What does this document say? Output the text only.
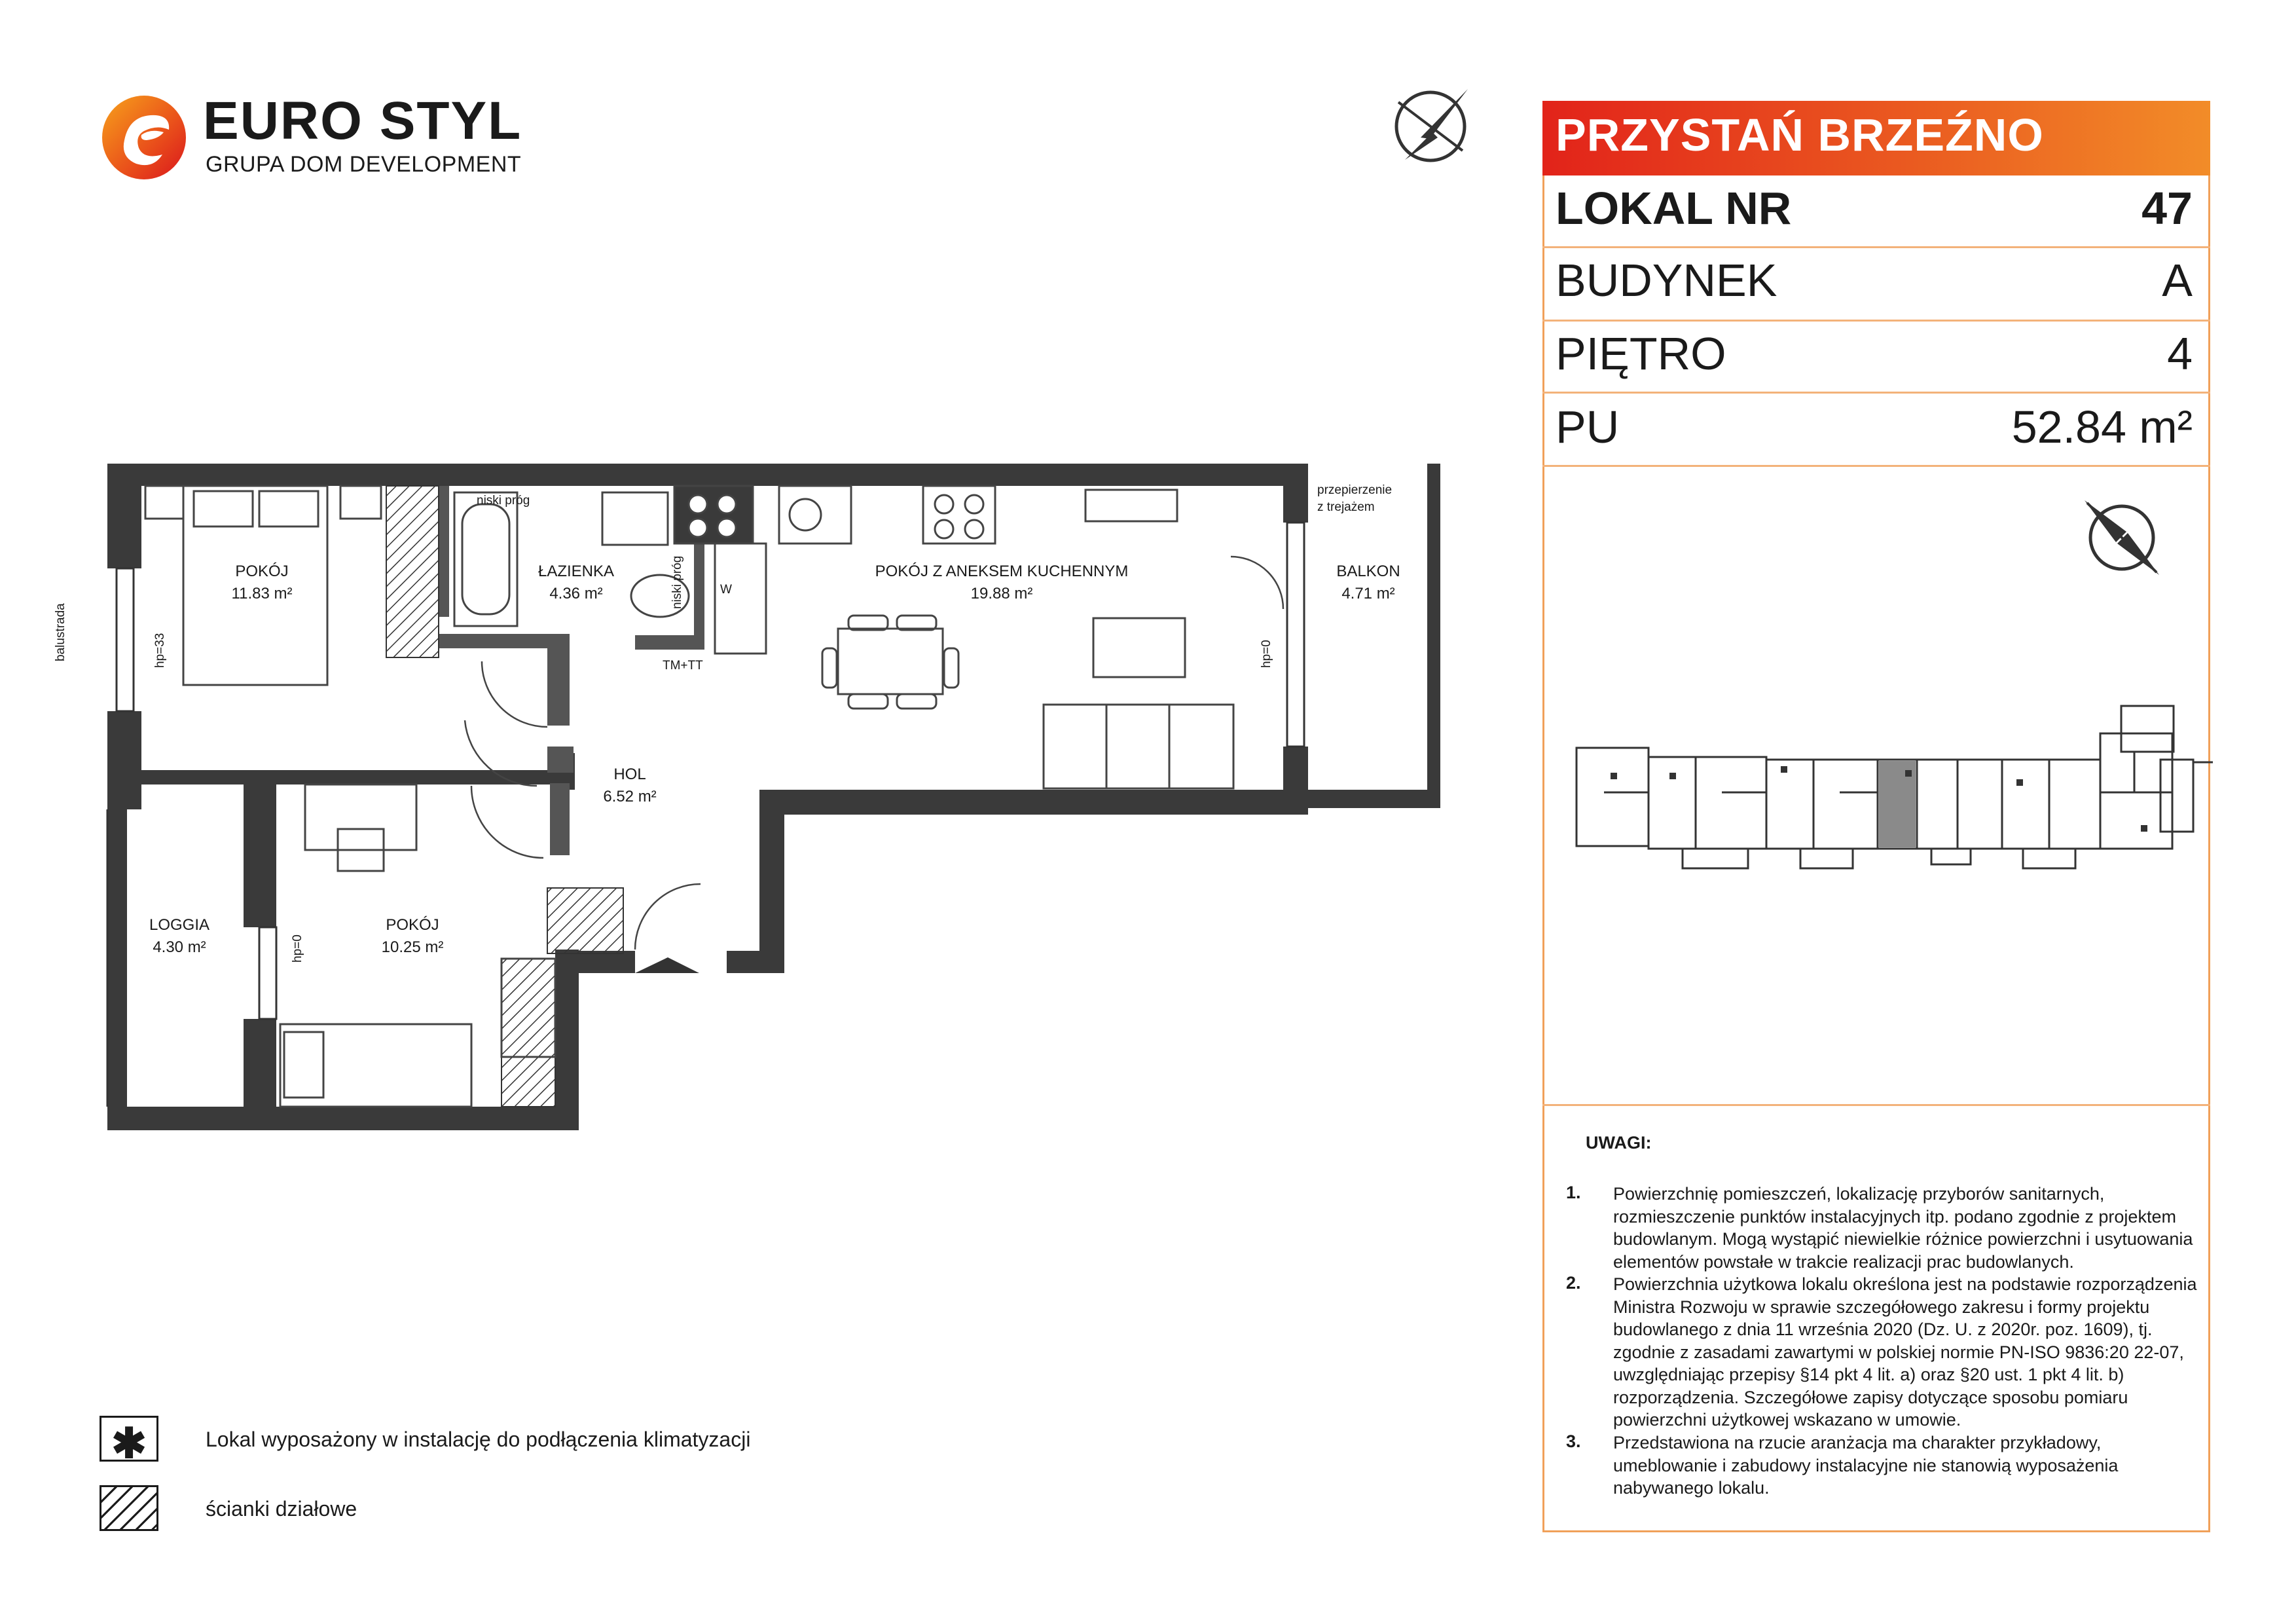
EURO STYL
GRUPA DOM DEVELOPMENT
PRZYSTAŃ BRZEŹNO
LOKAL NR	47
BUDYNEK	A
PIĘTRO	4
PU	52.84 m²
UWAGI:
1. Powierzchnię pomieszczeń, lokalizację przyborów sanitarnych, rozmieszczenie punktów instalacyjnych itp. podano zgodnie z projektem budowlanym. Mogą wystąpić niewielkie różnice powierzchni i usytuowania elementów powstałe w trakcie realizacji prac budowlanych.
2. Powierzchnia użytkowa lokalu określona jest na podstawie rozporządzenia Ministra Rozwoju w sprawie szczegółowego zakresu i formy projektu budowlanego z dnia 11 września 2020 (Dz. U. z 2020r. poz. 1609), tj. zgodnie z zasadami zawartymi w polskiej normie PN-ISO 9836:20 22-07, uwzględniając przepisy §14 pkt 4 lit. a) oraz §20 ust. 1 pkt 4 lit. b) rozporządzenia. Szczegółowe zapisy dotyczące sposobu pomiaru powierzchni użytkowej wskazano w umowie.
3. Przedstawiona na rzucie aranżacja ma charakter przykładowy, umeblowanie i zabudowy instalacyjne nie stanowią wyposażenia nabywanego lokalu.
✱	Lokal wyposażony w instalację do podłączenia klimatyzacji
ścianki działowe
POKÓJ
11.83 m²
ŁAZIENKA
4.36 m²
POKÓJ Z ANEKSEM KUCHENNYM
19.88 m²
BALKON
4.71 m²
HOL
6.52 m²
LOGGIA
4.30 m²
POKÓJ
10.25 m²
niski próg
niski próg
przepierzenie
z trejażem
balustrada	hp=33	hp=0
hp=0
TM+TT
W
